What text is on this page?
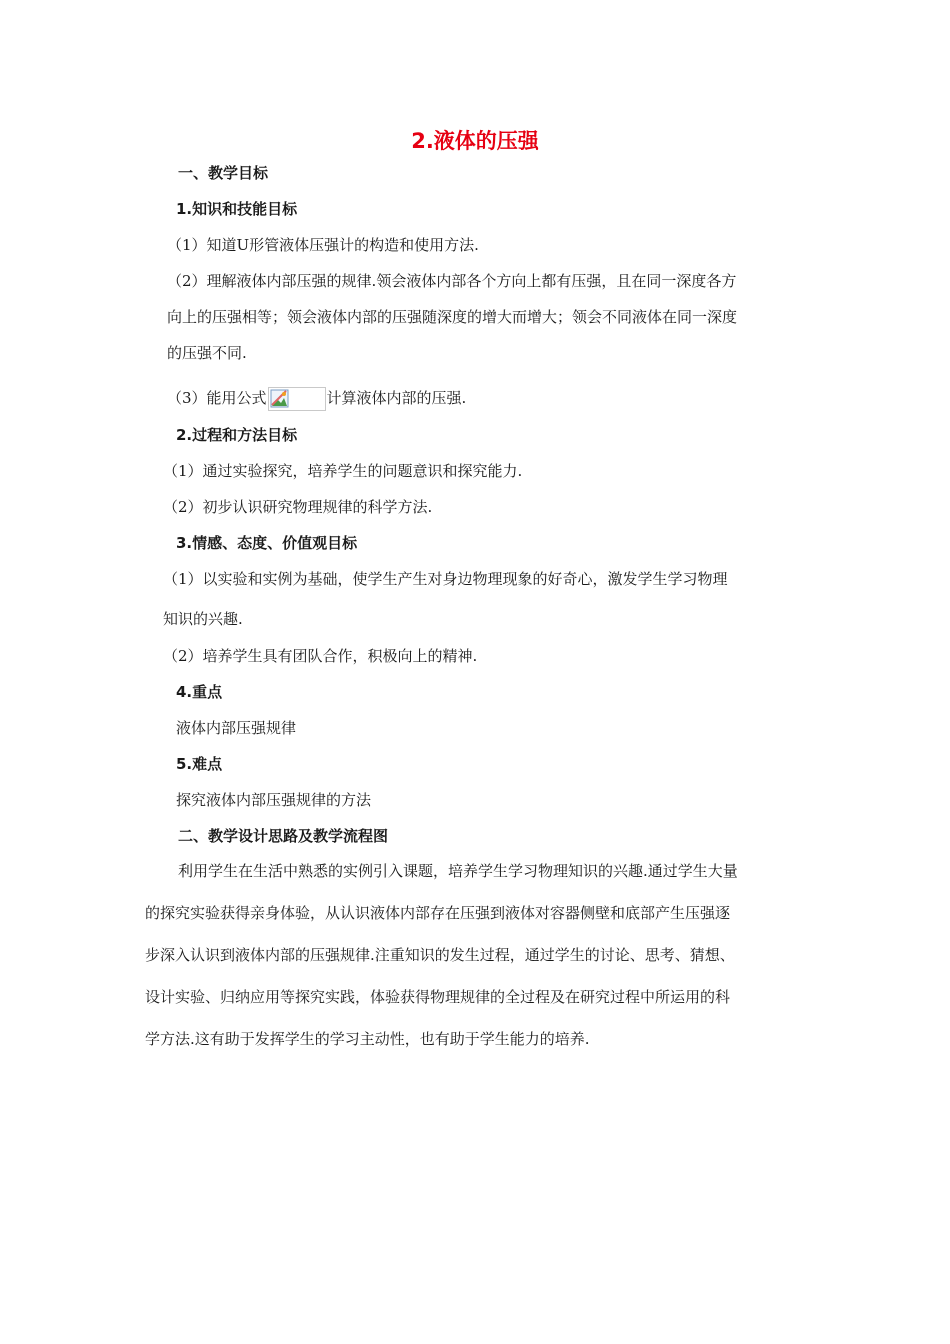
2.液体的压强
一、教学目标
1.知识和技能目标
（1）知道U形管液体压强计的构造和使用方法.
（2）理解液体内部压强的规律.领会液体内部各个方向上都有压强，且在同一深度各方
向上的压强相等；领会液体内部的压强随深度的增大而增大；领会不同液体在同一深度
的压强不同.
（3）能用公式	计算液体内部的压强.
2.过程和方法目标
（1）通过实验探究，培养学生的问题意识和探究能力.
（2）初步认识研究物理规律的科学方法.
3.情感、态度、价值观目标
（1）以实验和实例为基础，使学生产生对身边物理现象的好奇心，激发学生学习物理
知识的兴趣.
（2）培养学生具有团队合作，积极向上的精神.
4.重点
液体内部压强规律
5.难点
探究液体内部压强规律的方法
二、教学设计思路及教学流程图
利用学生在生活中熟悉的实例引入课题，培养学生学习物理知识的兴趣.通过学生大量
的探究实验获得亲身体验，从认识液体内部存在压强到液体对容器侧壁和底部产生压强逐
步深入认识到液体内部的压强规律.注重知识的发生过程，通过学生的讨论、思考、猜想、
设计实验、归纳应用等探究实践，体验获得物理规律的全过程及在研究过程中所运用的科
学方法.这有助于发挥学生的学习主动性，也有助于学生能力的培养.
